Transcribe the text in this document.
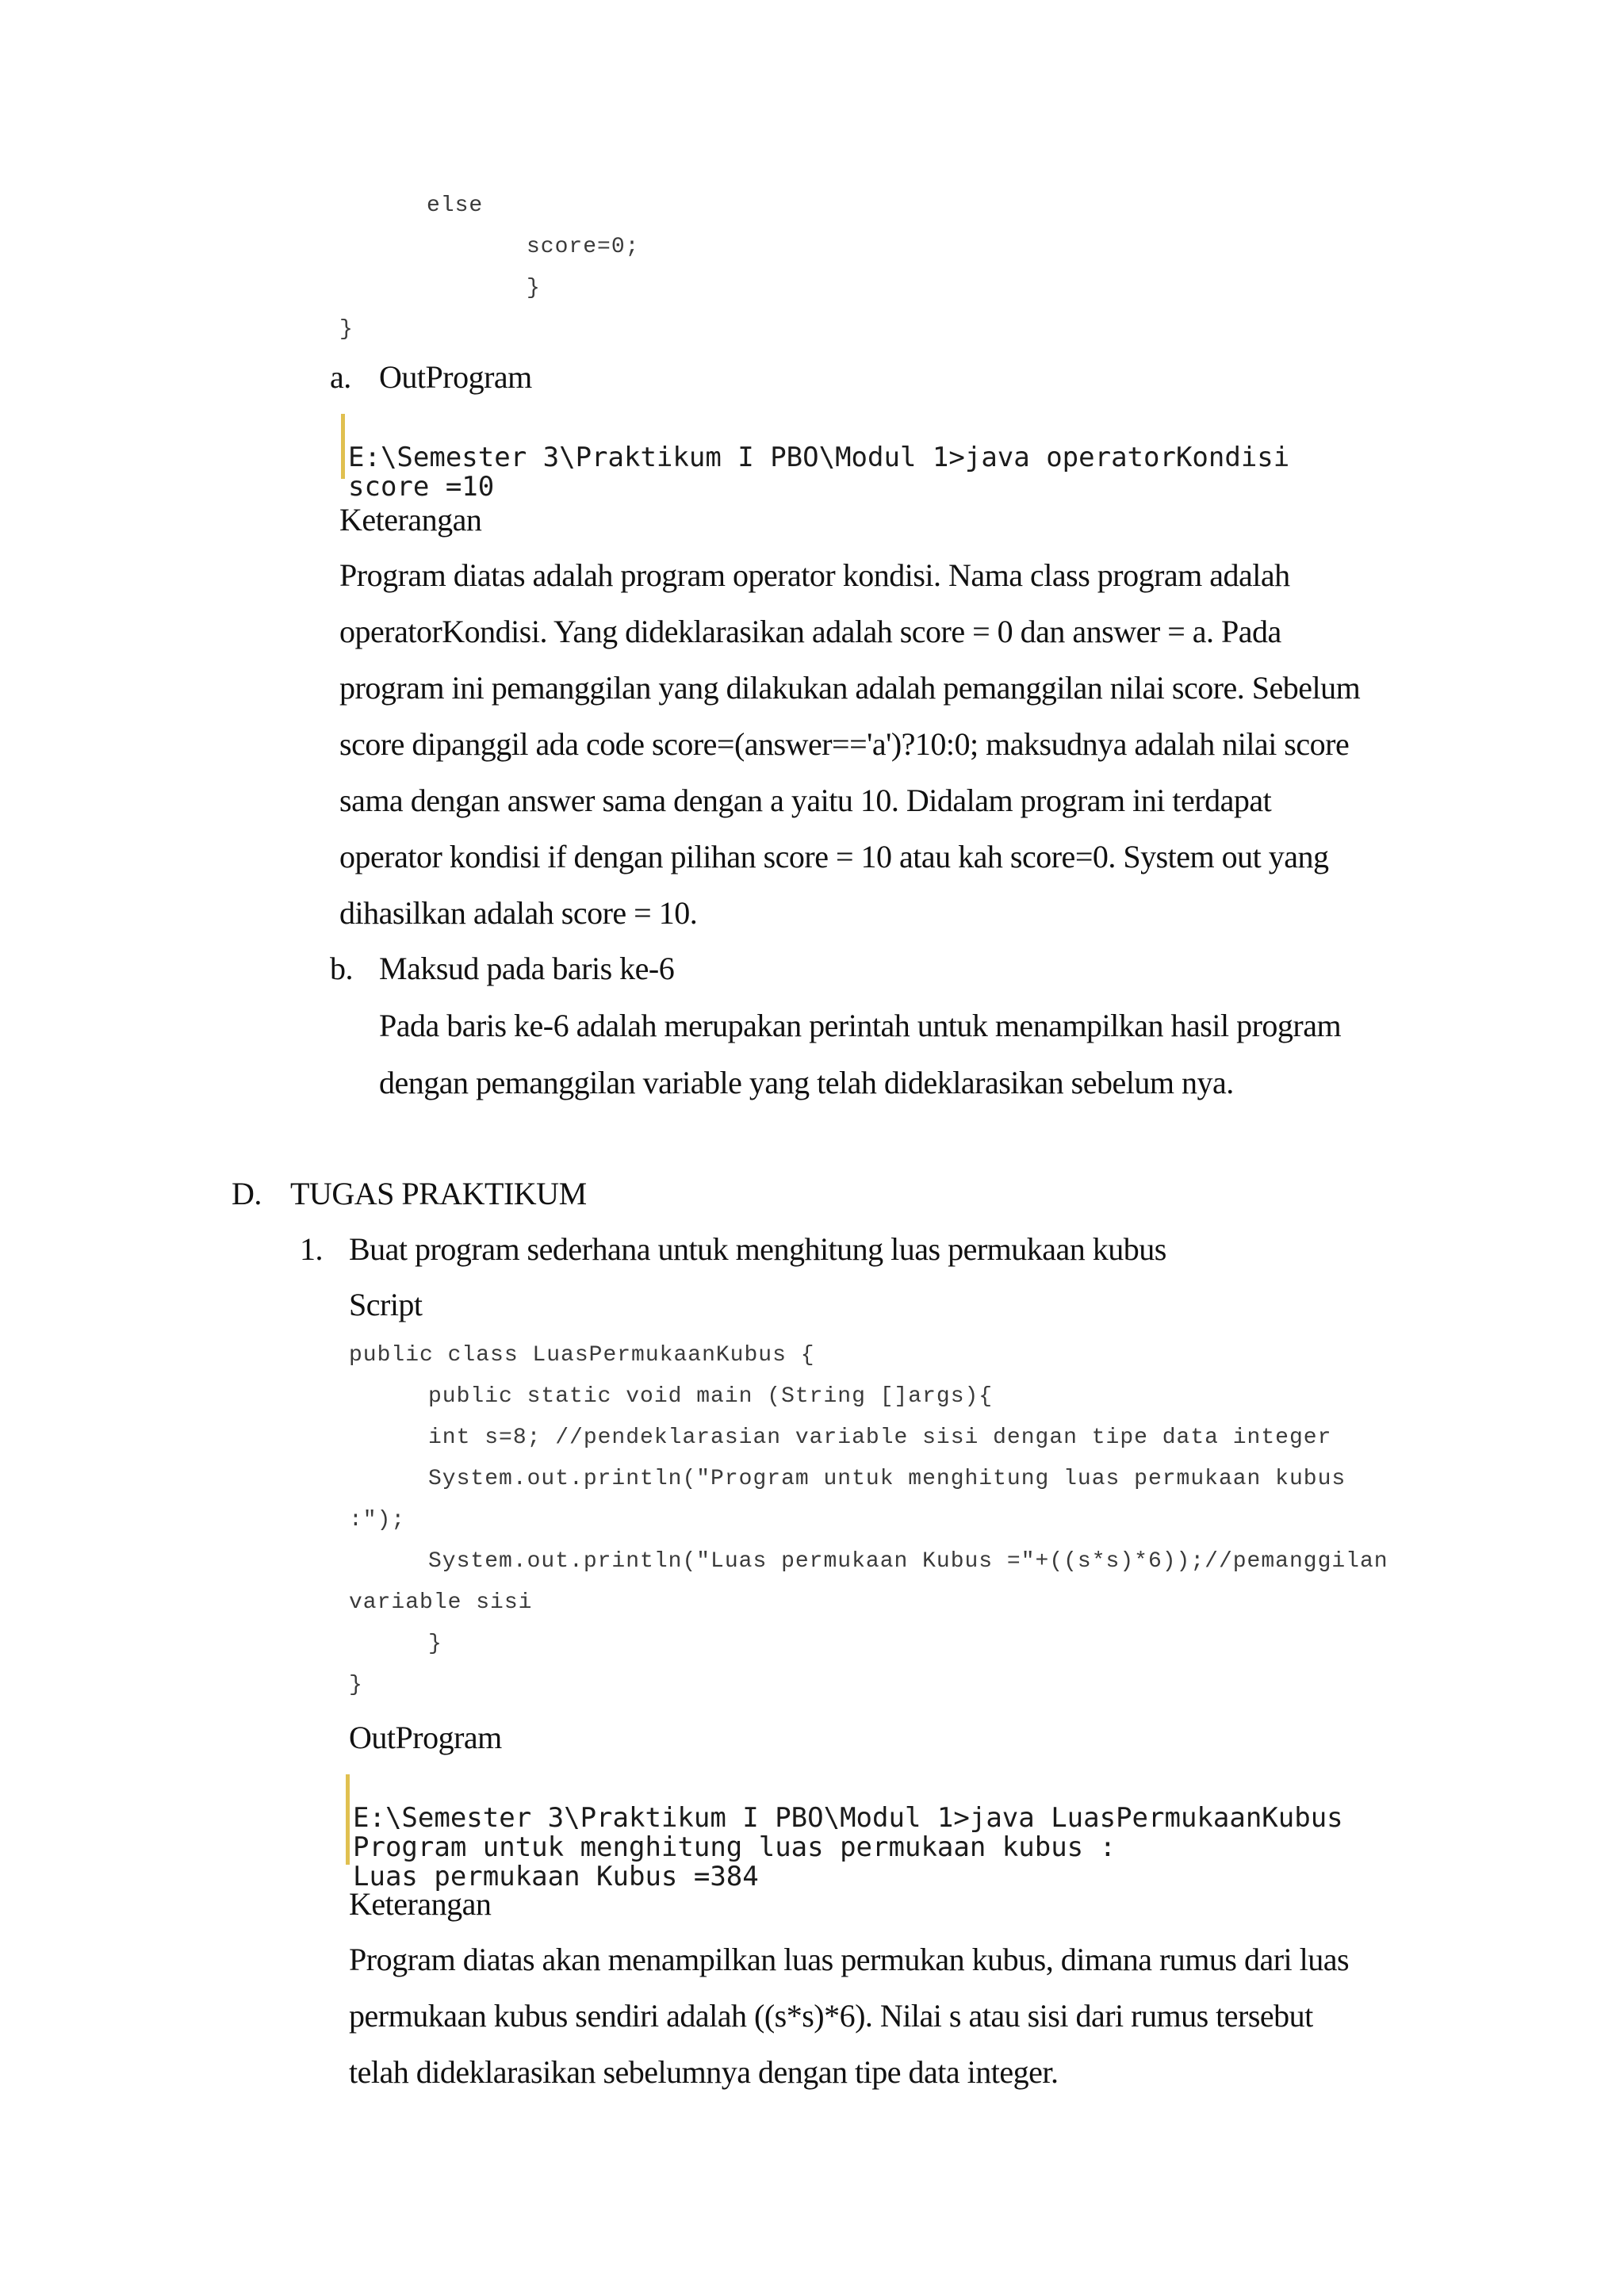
else
score=0;
}
}
a. OutProgram

E:\Semester 3\Praktikum I PBO\Modul 1>java operatorKondisi
score =10
Keterangan
Program diatas adalah program operator kondisi. Nama class program adalah
operatorKondisi. Yang dideklarasikan adalah score = 0 dan answer = a. Pada
program ini pemanggilan yang dilakukan adalah pemanggilan nilai score. Sebelum
score dipanggil ada code score=(answer=='a')?10:0; maksudnya adalah nilai score
sama dengan answer sama dengan a yaitu 10. Didalam program ini terdapat
operator kondisi if dengan pilihan score = 10 atau kah score=0. System out yang
dihasilkan adalah score = 10.
b. Maksud pada baris ke-6
Pada baris ke-6 adalah merupakan perintah untuk menampilkan hasil program
dengan pemanggilan variable yang telah dideklarasikan sebelum nya.
D. TUGAS PRAKTIKUM
1. Buat program sederhana untuk menghitung luas permukaan kubus
Script
public class LuasPermukaanKubus {
public static void main (String []args){
int s=8; //pendeklarasian variable sisi dengan tipe data integer
System.out.println("Program untuk menghitung luas permukaan kubus
:");
System.out.println("Luas permukaan Kubus ="+((s*s)*6));//pemanggilan
variable sisi
}
}
OutProgram

E:\Semester 3\Praktikum I PBO\Modul 1>java LuasPermukaanKubus
Program untuk menghitung luas permukaan kubus :
Luas permukaan Kubus =384
Keterangan
Program diatas akan menampilkan luas permukan kubus, dimana rumus dari luas
permukaan kubus sendiri adalah ((s*s)*6). Nilai s atau sisi dari rumus tersebut
telah dideklarasikan sebelumnya dengan tipe data integer.
